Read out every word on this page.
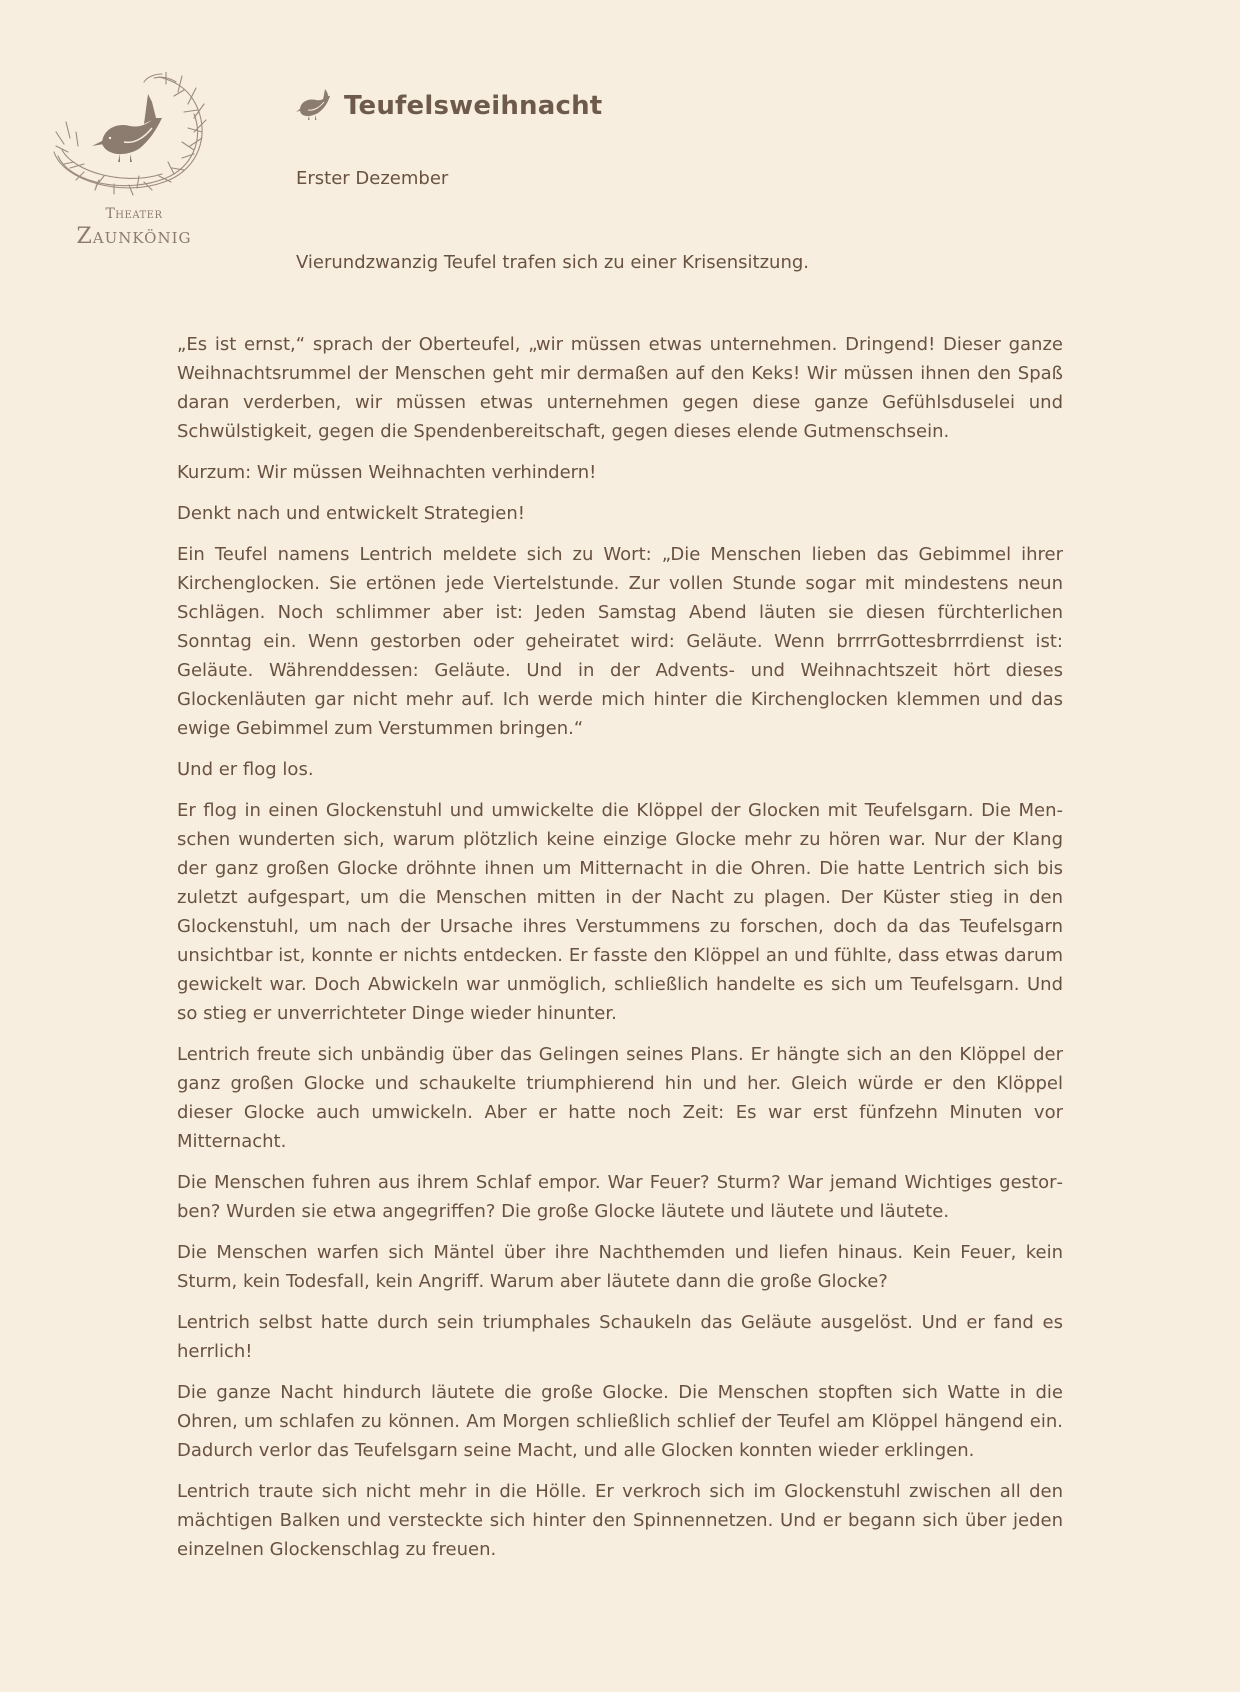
Theater
Zaunkönig
Teufelsweihnacht
Erster Dezember
Vierundzwanzig Teufel trafen sich zu einer Krisensitzung.

„Es ist ernst,“ sprach der Oberteufel, „wir müssen etwas unternehmen. Dringend! Dieser ganze Weihnachtsrummel der Menschen geht mir dermaßen auf den Keks! Wir müssen ihnen den Spaß daran verderben, wir müssen etwas unternehmen gegen diese ganze Gefühlsduselei und Schwülstigkeit, gegen die Spendenbereitschaft, gegen dieses elende Gutmenschsein.

Kurzum: Wir müssen Weihnachten verhindern!

Denkt nach und entwickelt Strategien!

Ein Teufel namens Lentrich meldete sich zu Wort: „Die Menschen lieben das Gebimmel ihrer Kirchenglocken. Sie ertönen jede Viertelstunde. Zur vollen Stunde sogar mit mindestens neun Schlägen. Noch schlimmer aber ist: Jeden Samstag Abend läuten sie diesen fürchterlichen Sonntag ein. Wenn gestorben oder geheiratet wird: Geläute. Wenn brrrrGottesbrrrdienst ist: Geläute. Währenddessen: Geläute. Und in der Advents- und Weihnachtszeit hört dieses Glockenläuten gar nicht mehr auf. Ich werde mich hinter die Kirchenglocken klemmen und das ewige Gebimmel zum Verstummen bringen.“

Und er flog los.

Er flog in einen Glockenstuhl und umwickelte die Klöppel der Glocken mit Teufelsgarn. Die Menschen wunderten sich, warum plötzlich keine einzige Glocke mehr zu hören war. Nur der Klang der ganz großen Glocke dröhnte ihnen um Mitternacht in die Ohren. Die hatte Lentrich sich bis zuletzt aufgespart, um die Menschen mitten in der Nacht zu plagen. Der Küster stieg in den Glockenstuhl, um nach der Ursache ihres Verstummens zu forschen, doch da das Teufelsgarn unsichtbar ist, konnte er nichts entdecken. Er fasste den Klöppel an und fühlte, dass etwas darum gewickelt war. Doch Abwickeln war unmöglich, schließlich handelte es sich um Teufelsgarn. Und so stieg er unverrichteter Dinge wieder hinunter.

Lentrich freute sich unbändig über das Gelingen seines Plans. Er hängte sich an den Klöppel der ganz großen Glocke und schaukelte triumphierend hin und her. Gleich würde er den Klöppel dieser Glocke auch umwickeln. Aber er hatte noch Zeit: Es war erst fünfzehn Minuten vor Mitternacht.

Die Menschen fuhren aus ihrem Schlaf empor. War Feuer? Sturm? War jemand Wichtiges gestorben? Wurden sie etwa angegriffen? Die große Glocke läutete und läutete und läutete.

Die Menschen warfen sich Mäntel über ihre Nachthemden und liefen hinaus. Kein Feuer, kein Sturm, kein Todesfall, kein Angriff. Warum aber läutete dann die große Glocke?

Lentrich selbst hatte durch sein triumphales Schaukeln das Geläute ausgelöst. Und er fand es herrlich!

Die ganze Nacht hindurch läutete die große Glocke. Die Menschen stopften sich Watte in die Ohren, um schlafen zu können. Am Morgen schließlich schlief der Teufel am Klöppel hängend ein. Dadurch verlor das Teufelsgarn seine Macht, und alle Glocken konnten wieder erklingen.

Lentrich traute sich nicht mehr in die Hölle. Er verkroch sich im Glockenstuhl zwischen all den mächtigen Balken und versteckte sich hinter den Spinnennetzen. Und er begann sich über jeden einzelnen Glockenschlag zu freuen.
